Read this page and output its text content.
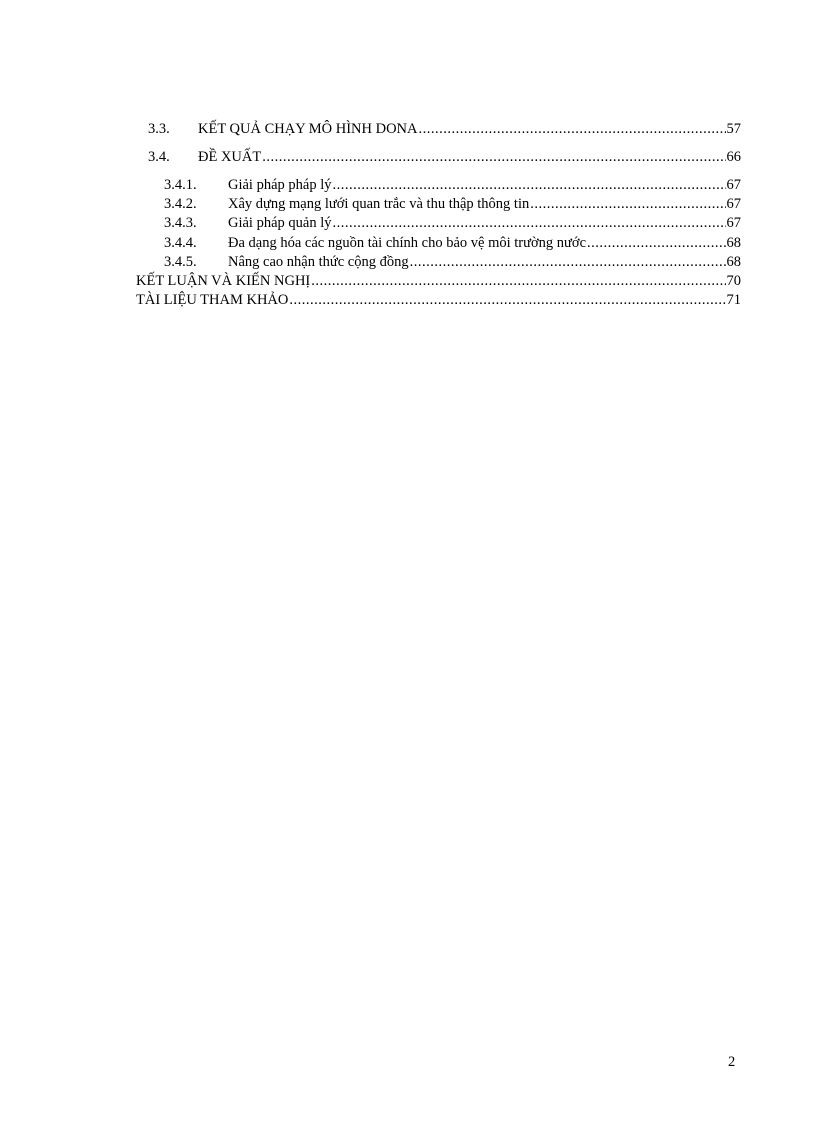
3.3.	KẾT QUẢ CHẠY MÔ HÌNH DONA .....	57
3.4.	ĐỀ XUẤT .....	66
3.4.1.	Giải pháp pháp lý .....	67
3.4.2.	Xây dựng mạng lưới quan trắc và thu thập thông tin .....	67
3.4.3.	Giải pháp quản lý .....	67
3.4.4.	Đa dạng hóa các nguồn tài chính cho bảo vệ môi trường nước .....	68
3.4.5.	Nâng cao nhận thức cộng đồng .....	68
KẾT LUẬN VÀ KIẾN NGHỊ .....	70
TÀI LIỆU THAM KHẢO .....	71
2
